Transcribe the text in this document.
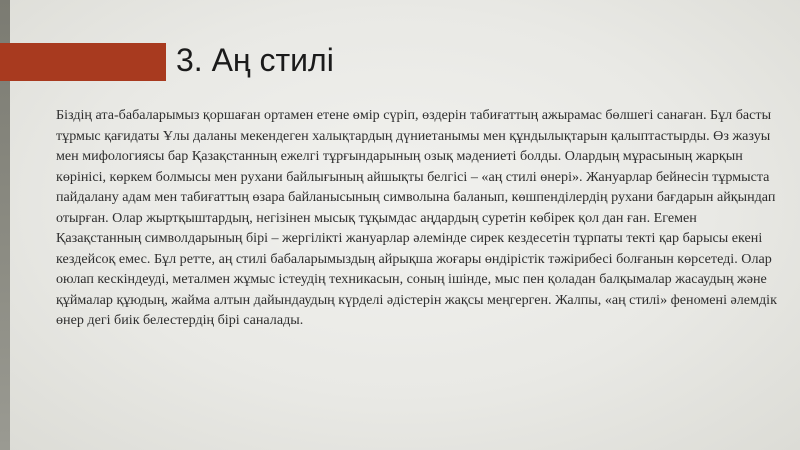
3. Аң стилі

Біздің ата-бабаларымыз қоршаған ортамен етене өмір сүріп, өздерін табиғаттың ажырамас бөлшегі санаған. Бұл басты тұрмыс қағидаты Ұлы даланы мекендеген халықтардың дүниетанымы мен құндылықтарын қалыптастырды. Өз жазуы мен мифологиясы бар Қазақстанның ежелгі тұрғындарының озық мәдениеті болды. Олардың мұрасының жарқын көрінісі, көркем болмысы мен рухани байлығының айшықты белгісі – «аң стилі өнері». Жануарлар бейнесін тұрмыста пайдалану адам мен табиғаттың өзара байланысының символына баланып, көшпенділердің рухани бағдарын айқындап отырған. Олар жыртқыштардың, негізінен мысық тұқымдас аңдардың суретін көбірек қол дан ған. Егемен Қазақстанның символдарының бірі – жергілікті жануарлар әлемінде сирек кездесетін тұрпаты текті қар барысы екені кездейсоқ емес. Бұл ретте, аң стилі бабаларымыздың айрықша жоғары өндірістік тәжірибесі болғанын көрсетеді. Олар оюлап кескіндеуді, металмен жұмыс істеудің техникасын, соның ішінде, мыс пен қоладан балқымалар жасаудың және құймалар құюдың, жайма алтын дайындаудың күрделі әдістерін жақсы меңгерген. Жалпы, «аң стилі» феномені әлемдік өнер дегі биік белестердің бірі саналады.
